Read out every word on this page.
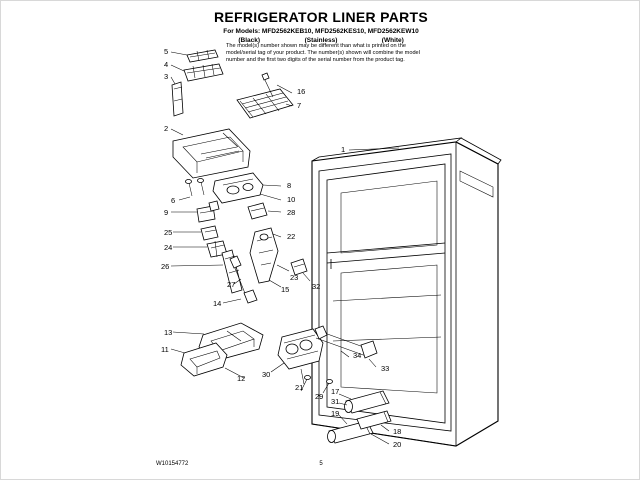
REFRIGERATOR LINER PARTS
For Models: MFD2562KEB10, MFD2562KES10, MFD2562KEW10
(Black)	(Stainless)	(White)
The model(s) number shown may be different than what is printed on the model/serial tag of your product. The number(s) shown will combine the model number and the first two digits of the serial number from the product tag.
5
4
3
16
7
2
1
6
8
9
10
28
25	22
24
26
23
27
15	32
14
13
11
34
33
12 30
21
29
17
31
19
18
20
W10154772	5
